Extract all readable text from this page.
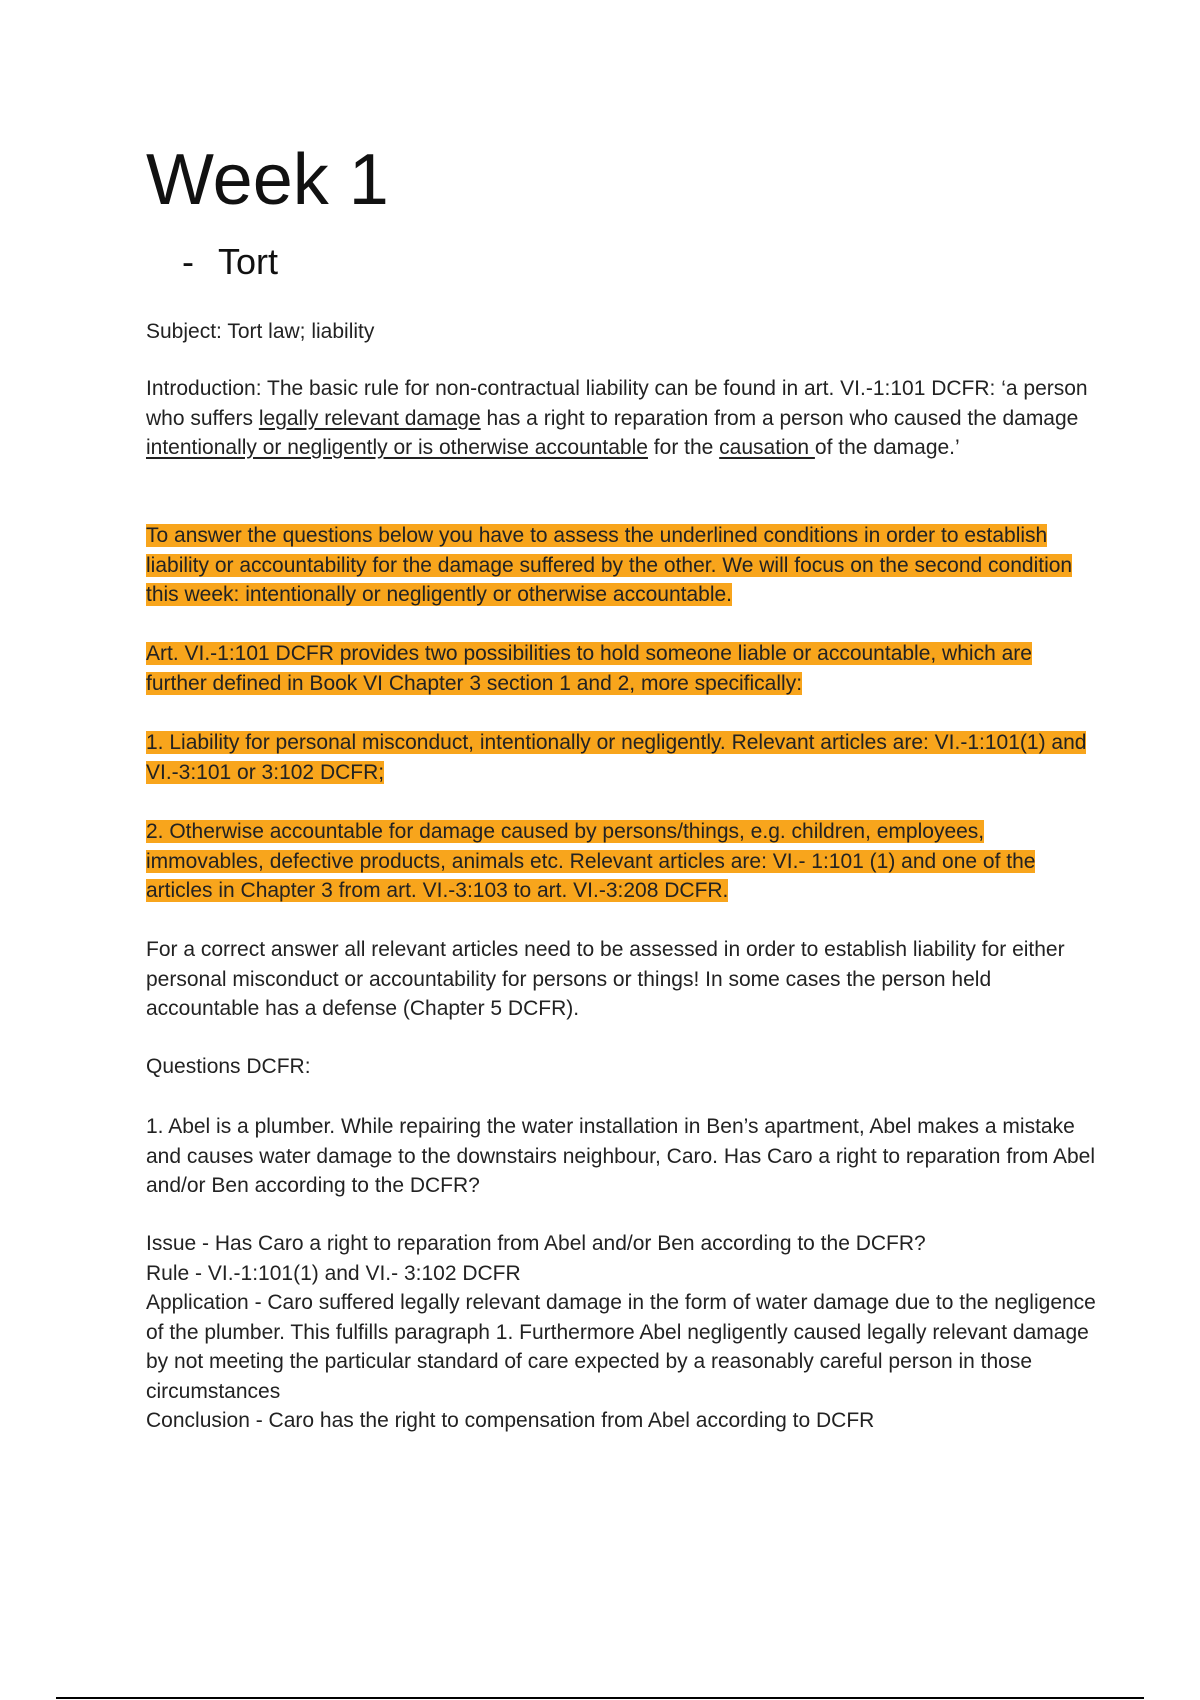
Week 1
- Tort

Subject: Tort law; liability

Introduction: The basic rule for non-contractual liability can be found in art. VI.-1:101 DCFR: ‘a person who suffers legally relevant damage has a right to reparation from a person who caused the damage intentionally or negligently or is otherwise accountable for the causation of the damage.’

To answer the questions below you have to assess the underlined conditions in order to establish liability or accountability for the damage suffered by the other. We will focus on the second condition this week: intentionally or negligently or otherwise accountable.

Art. VI.-1:101 DCFR provides two possibilities to hold someone liable or accountable, which are further defined in Book VI Chapter 3 section 1 and 2, more specifically:

1. Liability for personal misconduct, intentionally or negligently. Relevant articles are: VI.-1:101(1) and VI.-3:101 or 3:102 DCFR;

2. Otherwise accountable for damage caused by persons/things, e.g. children, employees, immovables, defective products, animals etc. Relevant articles are: VI.- 1:101 (1) and one of the articles in Chapter 3 from art. VI.-3:103 to art. VI.-3:208 DCFR.

For a correct answer all relevant articles need to be assessed in order to establish liability for either personal misconduct or accountability for persons or things! In some cases the person held accountable has a defense (Chapter 5 DCFR).

Questions DCFR:

1. Abel is a plumber. While repairing the water installation in Ben’s apartment, Abel makes a mistake and causes water damage to the downstairs neighbour, Caro. Has Caro a right to reparation from Abel and/or Ben according to the DCFR?

Issue - Has Caro a right to reparation from Abel and/or Ben according to the DCFR?
Rule - VI.-1:101(1) and VI.- 3:102 DCFR
Application - Caro suffered legally relevant damage in the form of water damage due to the negligence of the plumber. This fulfills paragraph 1. Furthermore Abel negligently caused legally relevant damage by not meeting the particular standard of care expected by a reasonably careful person in those circumstances
Conclusion - Caro has the right to compensation from Abel according to DCFR
